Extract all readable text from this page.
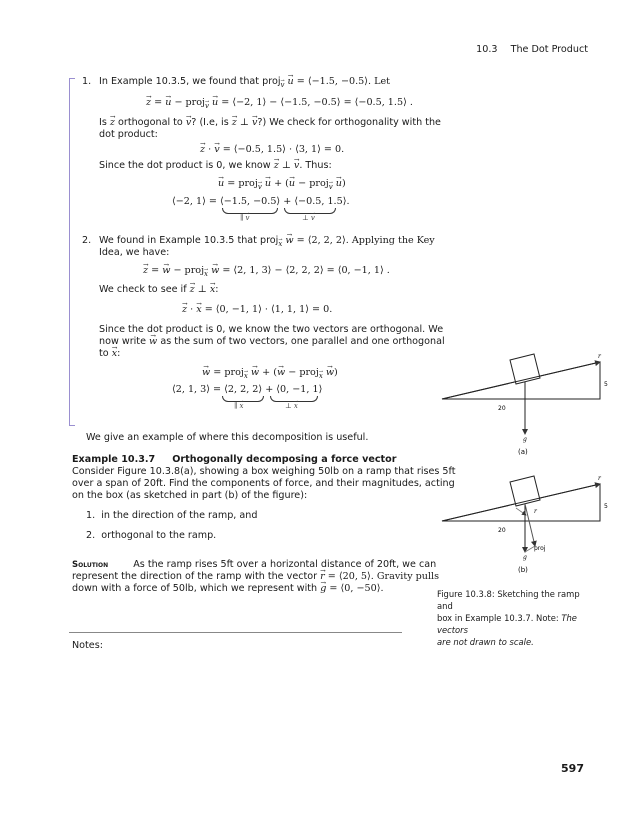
10.3 The Dot Product
1. In Example 10.3.5, we found that proj→ $_v$ → u = ⟨−1.5, −0.5⟩. Let
→ z = → u − proj→ $_v$ → u = ⟨−2, 1⟩ − ⟨−1.5, −0.5⟩ = ⟨−0.5, 1.5⟩ .
Is → z orthogonal to → v? (I.e, is → z ⊥ → v?) We check for orthogonality with the
dot product:
→ z · → v = ⟨−0.5, 1.5⟩ · ⟨3, 1⟩ = 0.
Since the dot product is 0, we know → z ⊥ → v. Thus:
→ u = proj→ $_v$ → u + (→ u − proj→ $_v$ → u)
⟨−2, 1⟩ = ⟨−1.5, −0.5⟩ + ⟨−0.5, 1.5⟩.
∥ → v	⊥ → v
2. We found in Example 10.3.5 that proj→ $_x$ → w = ⟨2, 2, 2⟩. Applying the Key
Idea, we have:
→ z = → w − proj→ $_x$ → w = ⟨2, 1, 3⟩ − ⟨2, 2, 2⟩ = ⟨0, −1, 1⟩ .
We check to see if → z ⊥ → x:
→ z · → x = ⟨0, −1, 1⟩ · ⟨1, 1, 1⟩ = 0.
Since the dot product is 0, we know the two vectors are orthogonal. We
now write → w as the sum of two vectors, one parallel and one orthogonal
to → x:
→ w = proj→ $_x$ → w + (→ w − proj→ $_x$ → w)
⟨2, 1, 3⟩ = ⟨2, 2, 2⟩ + ⟨0, −1, 1⟩
∥ → x	⊥ → x
We give an example of where this decomposition is useful.
Example 10.3.7 Orthogonally decomposing a force vector
Consider Figure 10.3.8(a), showing a box weighing 50lb on a ramp that rises 5ft
over a span of 20ft. Find the components of force, and their magnitudes, acting
on the box (as sketched in part (b) of the figure):
1.  in the direction of the ramp, and
2.  orthogonal to the ramp.
Solution	As the ramp rises 5ft over a horizontal distance of 20ft, we can
represent the direction of the ramp with the vector → r = ⟨20, 5⟩. Gravity pulls
down with a force of 50lb, which we represent with → g = ⟨0, −50⟩.
Notes:
r
g
5
20
(a)
r
r
g
proj
5
20
(b)
Figure 10.3.8: Sketching the ramp and
box in Example 10.3.7. Note: The vectors
are not drawn to scale.
597
